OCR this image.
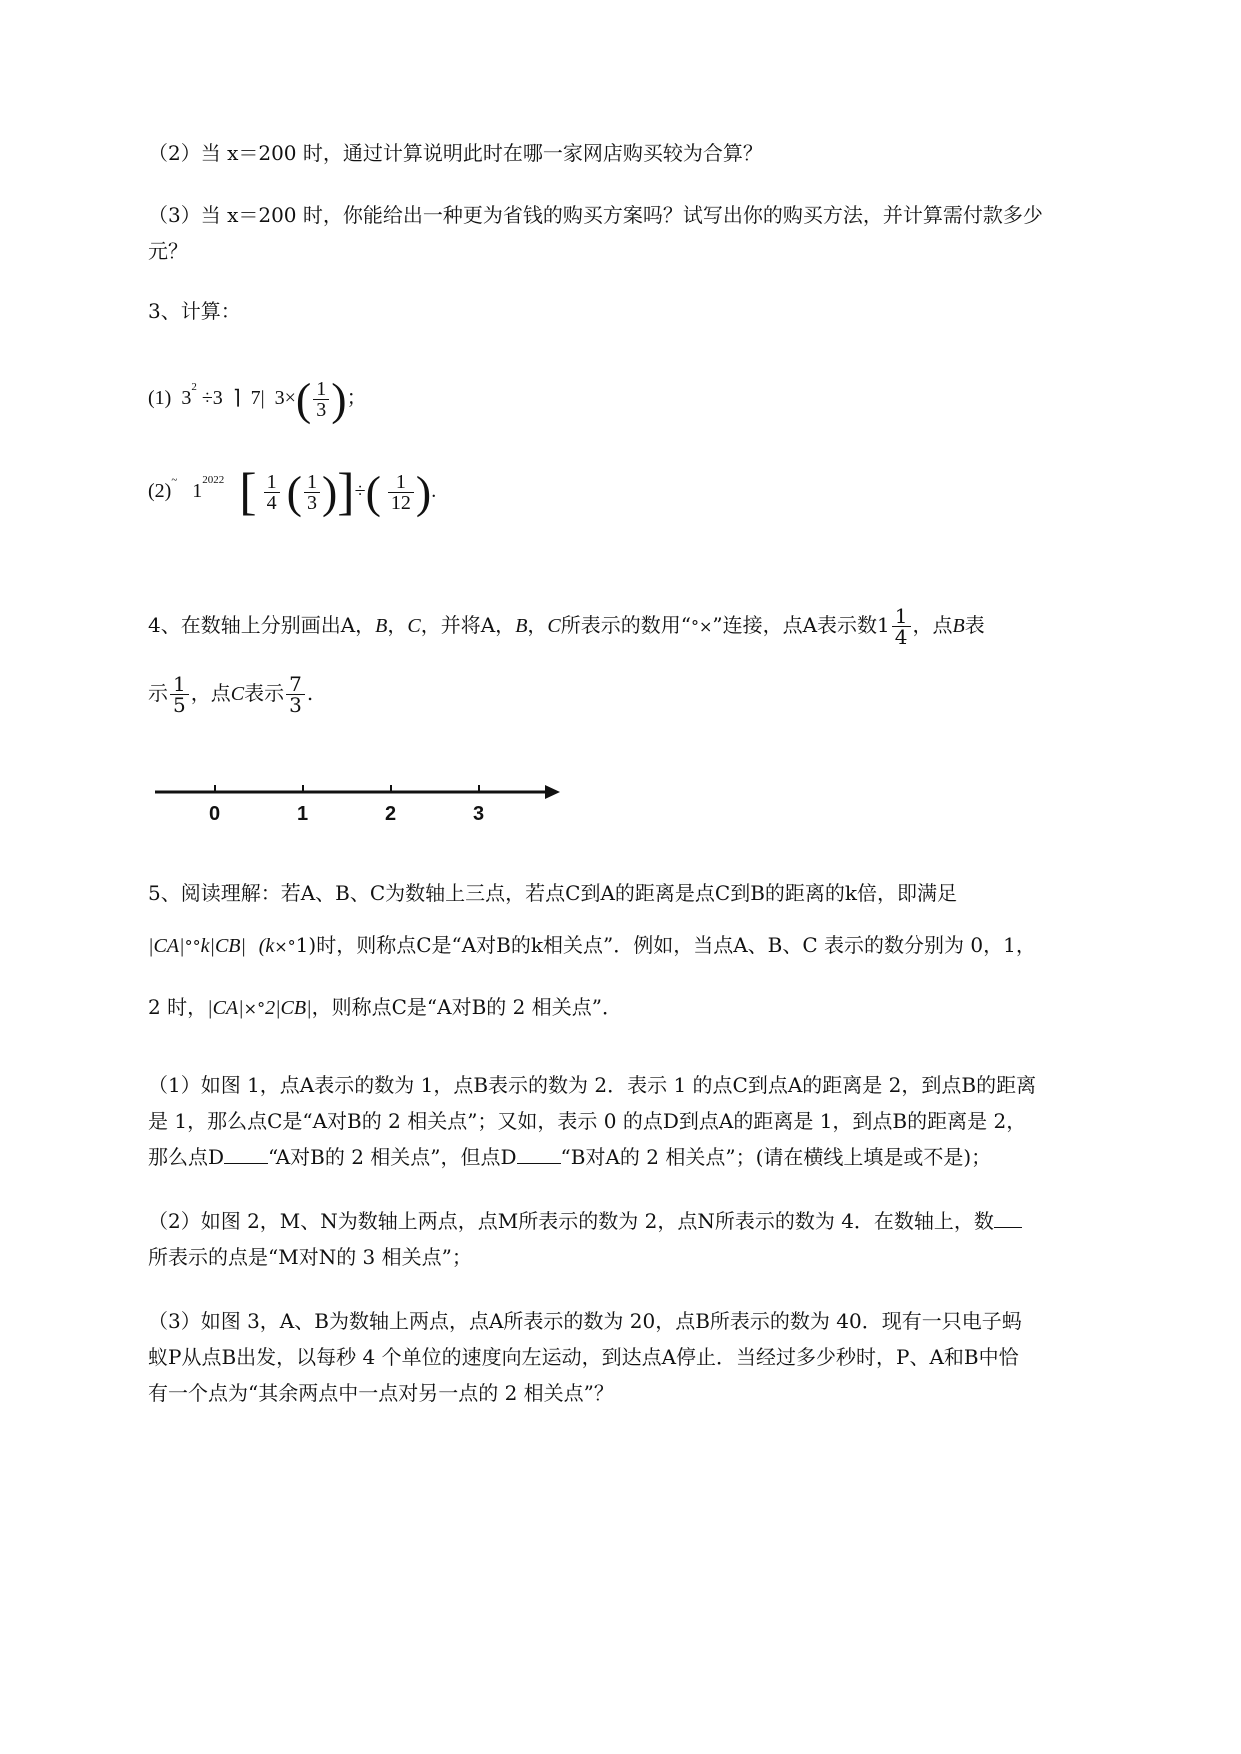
（2）当 x＝200 时，通过计算说明此时在哪一家网店购买较为合算？
（3）当 x＝200 时，你能给出一种更为省钱的购买方案吗？试写出你的购买方法，并计算需付款多少
元？
3、计算：
(1) $3^2 \div 3$ ⌉ 7|  $3\times( \frac{1}{3}$ )；
(2)~ $1^{2022}$ [ $\frac{1}{4}$ ( $\frac{1}{3}$ )]÷( $\frac{1}{12}$ ).
4、在数轴上分别画出A，B，C，并将A，B，C所表示的数用“°×”连接，点A表示数$1 \frac{1}{4}$ ，点B表
示 $\frac{1}{5}$ ，点C表示 $\frac{7}{3}$ .
0	1	2	3
5、阅读理解：若A、B、C为数轴上三点，若点C到A的距离是点C到B的距离的k倍，即满足
|CA|°°k|CB| (k×°1)时，则称点C是“A对B的k相关点”．例如，当点A、B、C 表示的数分别为 0，1，
2 时，|CA|×°2|CB|，则称点C是“A对B的 2 相关点”．
（1）如图 1，点A表示的数为 1，点B表示的数为 2．表示 1 的点C到点A的距离是 2，到点B的距离
是 1，那么点C是“A对B的 2 相关点”；又如，表示 0 的点D到点A的距离是 1，到点B的距离是 2，
那么点D “A对B的 2 相关点”，但点D “B对A的 2 相关点”；(请在横线上填是或不是)；
（2）如图 2，M、N为数轴上两点，点M所表示的数为 2，点N所表示的数为 4．在数轴上，数
所表示的点是“M对N的 3 相关点”；
（3）如图 3，A、B为数轴上两点，点A所表示的数为 20，点B所表示的数为 40．现有一只电子蚂
蚁P从点B出发，以每秒 4 个单位的速度向左运动，到达点A停止．当经过多少秒时，P、A和B中恰
有一个点为“其余两点中一点对另一点的 2 相关点”？
